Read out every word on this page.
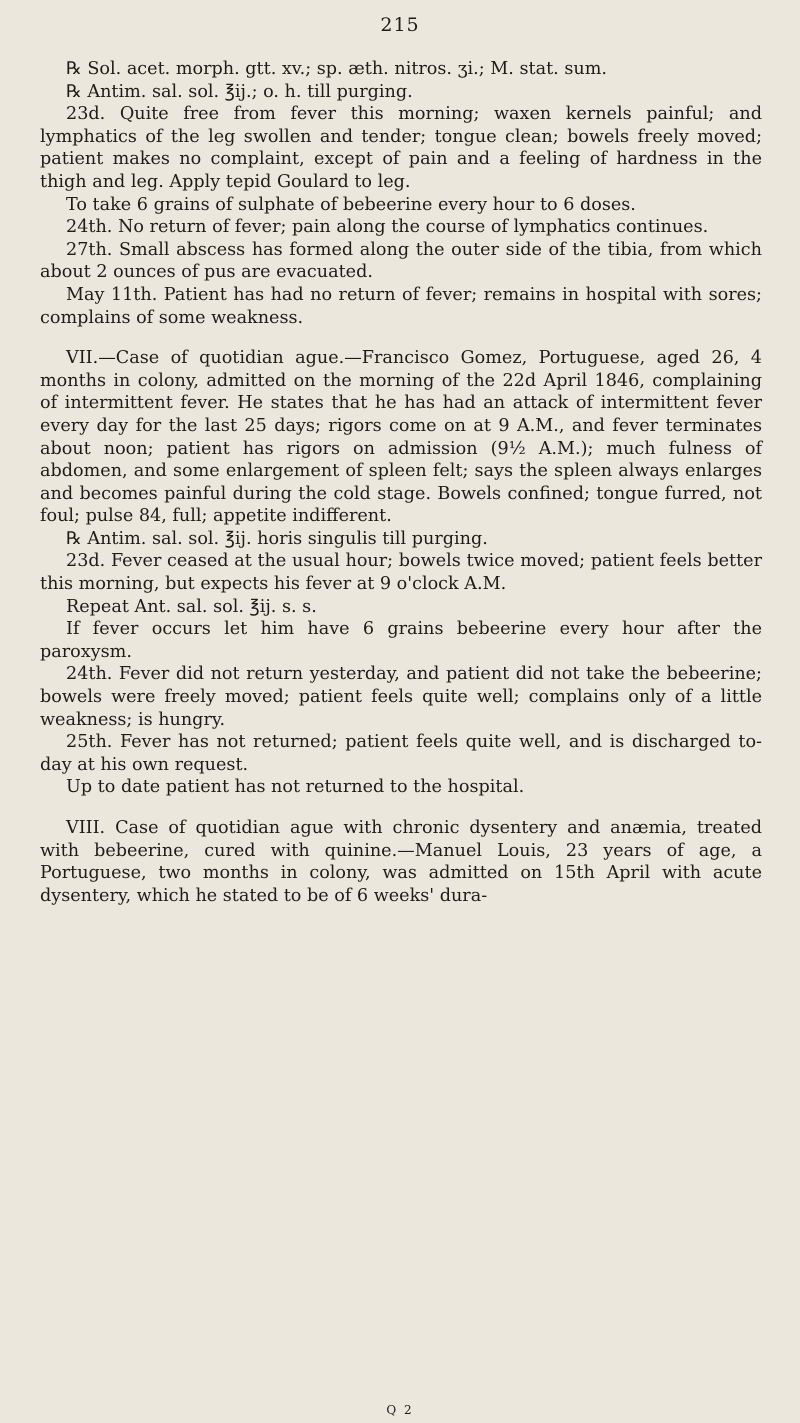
215

℞ Sol. acet. morph. gtt. xv.; sp. æth. nitros. ʒi.; M. stat. sum.

℞ Antim. sal. sol. ℥ij.; o. h. till purging.

23d. Quite free from fever this morning; waxen kernels painful; and lymphatics of the leg swollen and tender; tongue clean; bowels freely moved; patient makes no complaint, except of pain and a feeling of hardness in the thigh and leg. Apply tepid Goulard to leg.

To take 6 grains of sulphate of bebeerine every hour to 6 doses.

24th. No return of fever; pain along the course of lymphatics continues.

27th. Small abscess has formed along the outer side of the tibia, from which about 2 ounces of pus are evacuated.

May 11th. Patient has had no return of fever; remains in hospital with sores; complains of some weakness.

VII.—Case of quotidian ague.—Francisco Gomez, Portuguese, aged 26, 4 months in colony, admitted on the morning of the 22d April 1846, complaining of intermittent fever. He states that he has had an attack of intermittent fever every day for the last 25 days; rigors come on at 9 A.M., and fever terminates about noon; patient has rigors on admission (9½ A.M.); much fulness of abdomen, and some enlargement of spleen felt; says the spleen always enlarges and becomes painful during the cold stage. Bowels confined; tongue furred, not foul; pulse 84, full; appetite indifferent.

℞ Antim. sal. sol. ℥ij. horis singulis till purging.

23d. Fever ceased at the usual hour; bowels twice moved; patient feels better this morning, but expects his fever at 9 o'clock A.M.

Repeat Ant. sal. sol. ℥ij. s. s.

If fever occurs let him have 6 grains bebeerine every hour after the paroxysm.

24th. Fever did not return yesterday, and patient did not take the bebeerine; bowels were freely moved; patient feels quite well; complains only of a little weakness; is hungry.

25th. Fever has not returned; patient feels quite well, and is discharged to-day at his own request.

Up to date patient has not returned to the hospital.

VIII. Case of quotidian ague with chronic dysentery and anæmia, treated with bebeerine, cured with quinine.—Manuel Louis, 23 years of age, a Portuguese, two months in colony, was admitted on 15th April with acute dysentery, which he stated to be of 6 weeks' dura-

Q 2
